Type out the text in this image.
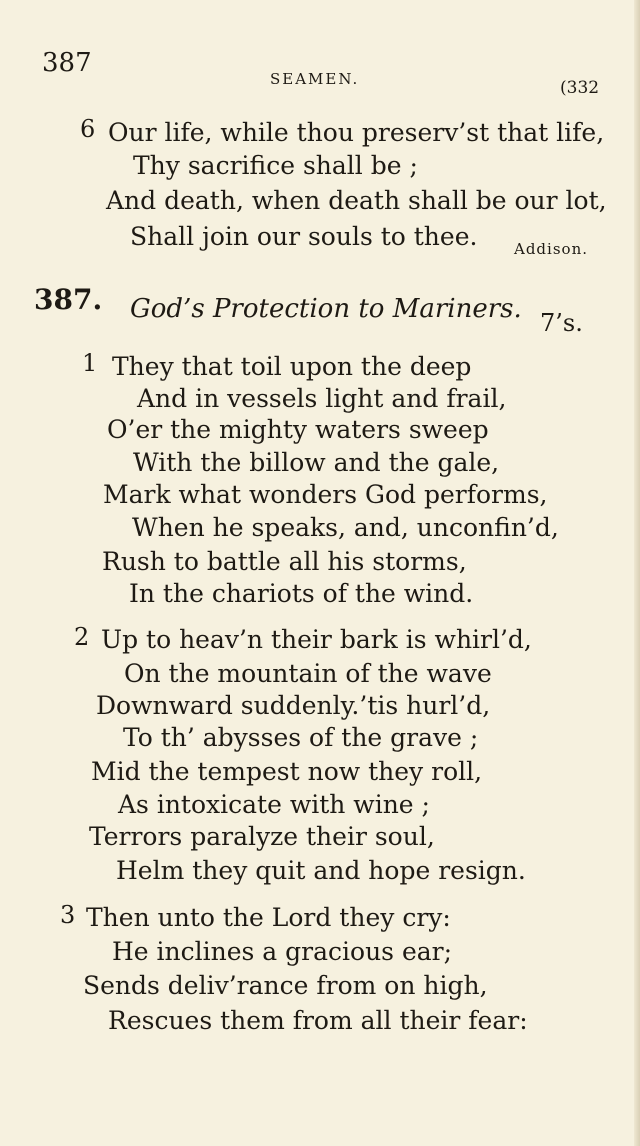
387
SEAMEN.	(332
6 Our life, while thou preserv’st that life,
Thy sacrifice shall be ;
And death, when death shall be our lot,
Shall join our souls to thee. Addison.
387. God’s Protection to Mariners. 7’s.
1 They that toil upon the deep
And in vessels light and frail,
O’er the mighty waters sweep
With the billow and the gale,
Mark what wonders God performs,
When he speaks, and, unconfin’d,
Rush to battle all his storms,
In the chariots of the wind.
2 Up to heav’n their bark is whirl’d,
On the mountain of the wave
Downward suddenly.’tis hurl’d,
To th’ abysses of the grave ;
Mid the tempest now they roll,
As intoxicate with wine ;
Terrors paralyze their soul,
Helm they quit and hope resign.
3 Then unto the Lord they cry:
He inclines a gracious ear;
Sends deliv’rance from on high,
Rescues them from all their fear:
